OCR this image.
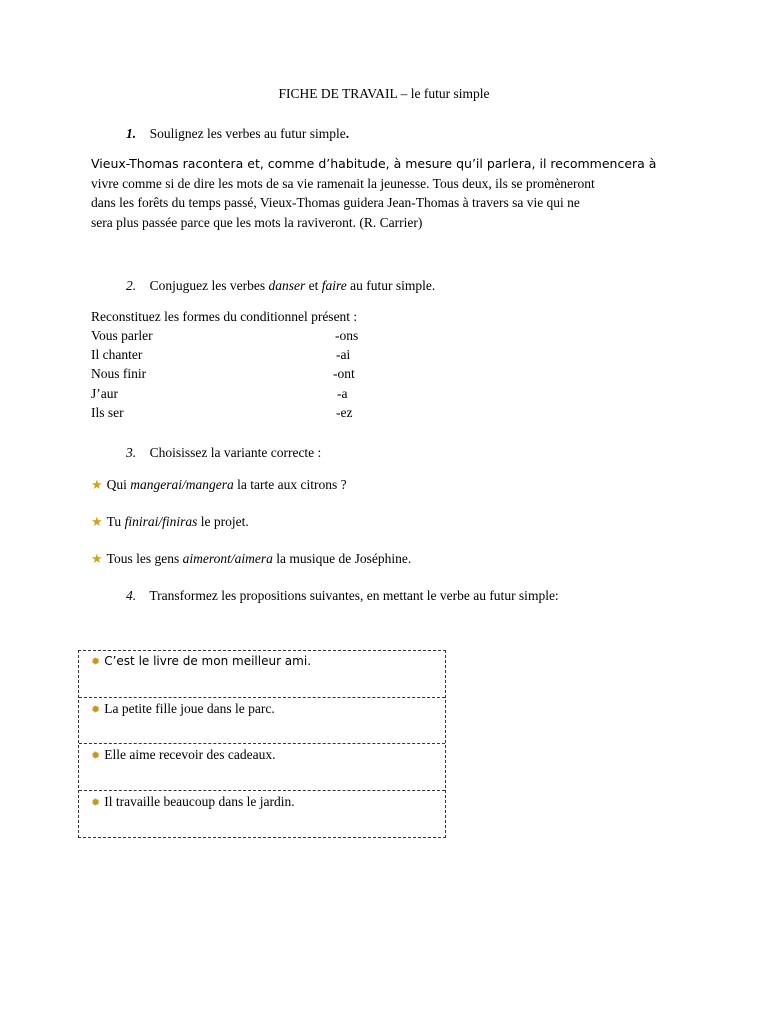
FICHE DE TRAVAIL – le futur simple
1. Soulignez les verbes au futur simple.
Vieux-Thomas racontera et, comme d’habitude, à mesure qu’il parlera, il recommencera à
vivre comme si de dire les mots de sa vie ramenait la jeunesse. Tous deux, ils se promèneront
dans les forêts du temps passé, Vieux-Thomas guidera Jean-Thomas à travers sa vie qui ne
sera plus passée parce que les mots la raviveront. (R. Carrier)
2. Conjuguez les verbes danser et faire au futur simple.
Reconstituez les formes du conditionnel présent :
Vous parler	-ons
Il chanter	-ai
Nous finir	-ont
J’aur	-a
Ils ser	-ez
3. Choisissez la variante correcte :
★ Qui mangerai/mangera la tarte aux citrons ?
★ Tu finirai/finiras le projet.
★ Tous les gens aimeront/aimera la musique de Joséphine.
4. Transformez les propositions suivantes, en mettant le verbe au futur simple:
✹ C’est le livre de mon meilleur ami.
✹ La petite fille joue dans le parc.
✹ Elle aime recevoir des cadeaux.
✹ Il travaille beaucoup dans le jardin.
